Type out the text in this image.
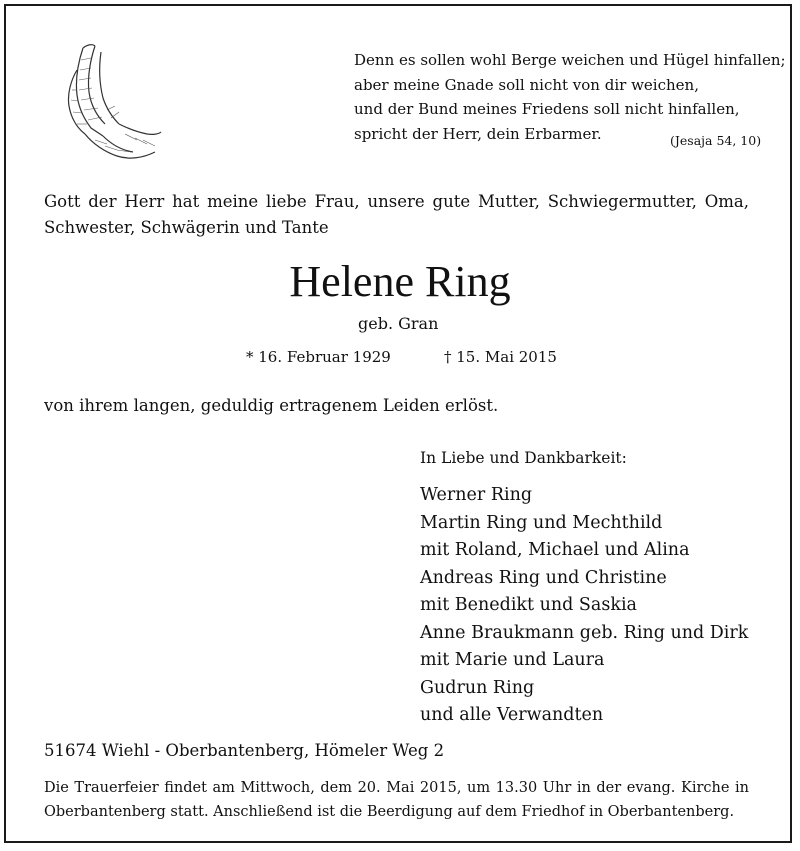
Denn es sollen wohl Berge weichen und Hügel hinfallen;
aber meine Gnade soll nicht von dir weichen,
und der Bund meines Friedens soll nicht hinfallen,
spricht der Herr, dein Erbarmer.	(Jesaja 54, 10)
Gott der Herr hat meine liebe Frau, unsere gute Mutter, Schwiegermutter, Oma, Schwester, Schwägerin und Tante
Helene Ring
geb. Gran
* 16. Februar 1929	† 15. Mai 2015
von ihrem langen, geduldig ertragenem Leiden erlöst.
In Liebe und Dankbarkeit:
Werner Ring
Martin Ring und Mechthild
mit Roland, Michael und Alina
Andreas Ring und Christine
mit Benedikt und Saskia
Anne Braukmann geb. Ring und Dirk
mit Marie und Laura
Gudrun Ring
und alle Verwandten
51674 Wiehl - Oberbantenberg, Hömeler Weg 2
Die Trauerfeier findet am Mittwoch, dem 20. Mai 2015, um 13.30 Uhr in der evang. Kirche in
Oberbantenberg statt. Anschließend ist die Beerdigung auf dem Friedhof in Oberbantenberg.
